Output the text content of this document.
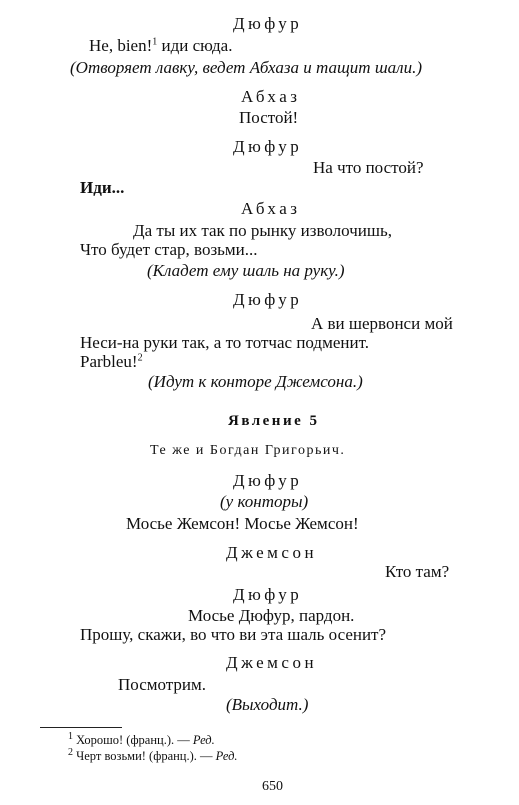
Дюфур
Не, bien!$^1$ иди сюда.
(Отворяет лавку, ведет Абхаза и тащит шали.)
Абхаз
Постой!
Дюфур
На что постой?
Иди...
Абхаз
Да ты их так по рынку изволочишь,
Что будет стар, возьми...
(Кладет ему шаль на руку.)
Дюфур
А ви шервонси мой
Неси-на руки так, а то тотчас подменит.
Parbleu!$^2$
(Идут к конторе Джемсона.)
Явление 5
Те же и Богдан Григорьич.
Дюфур
(у конторы)
Мосье Жемсон! Мосье Жемсон!
Джемсон
Кто там?
Дюфур
Мосье Дюфур, пардон.
Прошу, скажи, во что ви эта шаль осенит?
Джемсон
Посмотрим.
(Выходит.)
$^1$ Хорошо! (франц.). — Ред.
$^2$ Черт возьми! (франц.). — Ред.
650
